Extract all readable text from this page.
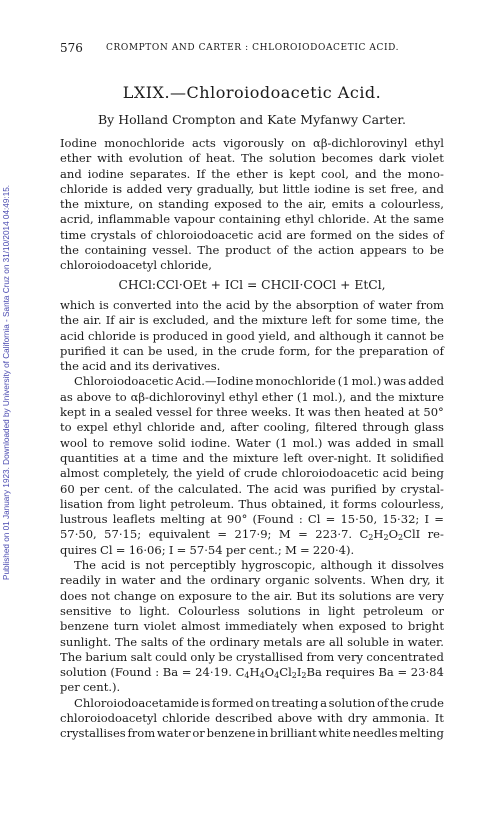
Published on 01 January 1923. Downloaded by University of California - Santa Cruz on 31/10/2014 04:49:15.
576	CROMPTON AND CARTER : CHLOROIODOACETIC ACID.
LXIX.—Chloroiodoacetic Acid.
By Holland Crompton and Kate Myfanwy Carter.
Iodine monochloride acts vigorously on αβ-dichlorovinyl ethyl
ether with evolution of heat. The solution becomes dark violet
and iodine separates. If the ether is kept cool, and the mono-
chloride is added very gradually, but little iodine is set free, and
the mixture, on standing exposed to the air, emits a colourless,
acrid, inflammable vapour containing ethyl chloride. At the same
time crystals of chloroiodoacetic acid are formed on the sides of
the containing vessel. The product of the action appears to be
chloroiodoacetyl chloride,
CHCl:CCl·OEt + ICl = CHClI·COCl + EtCl,
which is converted into the acid by the absorption of water from
the air. If air is excluded, and the mixture left for some time, the
acid chloride is produced in good yield, and although it cannot be
purified it can be used, in the crude form, for the preparation of
the acid and its derivatives.
Chloroiodoacetic Acid.—Iodine monochloride (1 mol.) was added
as above to αβ-dichlorovinyl ethyl ether (1 mol.), and the mixture
kept in a sealed vessel for three weeks. It was then heated at 50°
to expel ethyl chloride and, after cooling, filtered through glass
wool to remove solid iodine. Water (1 mol.) was added in small
quantities at a time and the mixture left over-night. It solidified
almost completely, the yield of crude chloroiodoacetic acid being
60 per cent. of the calculated. The acid was purified by crystal-
lisation from light petroleum. Thus obtained, it forms colourless,
lustrous leaflets melting at 90° (Found : Cl = 15·50, 15·32; I =
57·50, 57·15; equivalent = 217·9; M = 223·7. $C_2H_2O_2ClI$ re-
quires Cl = 16·06; I = 57·54 per cent.; M = 220·4).
The acid is not perceptibly hygroscopic, although it dissolves
readily in water and the ordinary organic solvents. When dry, it
does not change on exposure to the air. But its solutions are very
sensitive to light. Colourless solutions in light petroleum or
benzene turn violet almost immediately when exposed to bright
sunlight. The salts of the ordinary metals are all soluble in water.
The barium salt could only be crystallised from very concentrated
solution (Found : Ba = 24·19. $C_4H_4O_4Cl_2I_2Ba$ requires Ba = 23·84
per cent.).
Chloroiodoacetamide is formed on treating a solution of the crude
chloroiodoacetyl chloride described above with dry ammonia. It
crystallises from water or benzene in brilliant white needles melting
